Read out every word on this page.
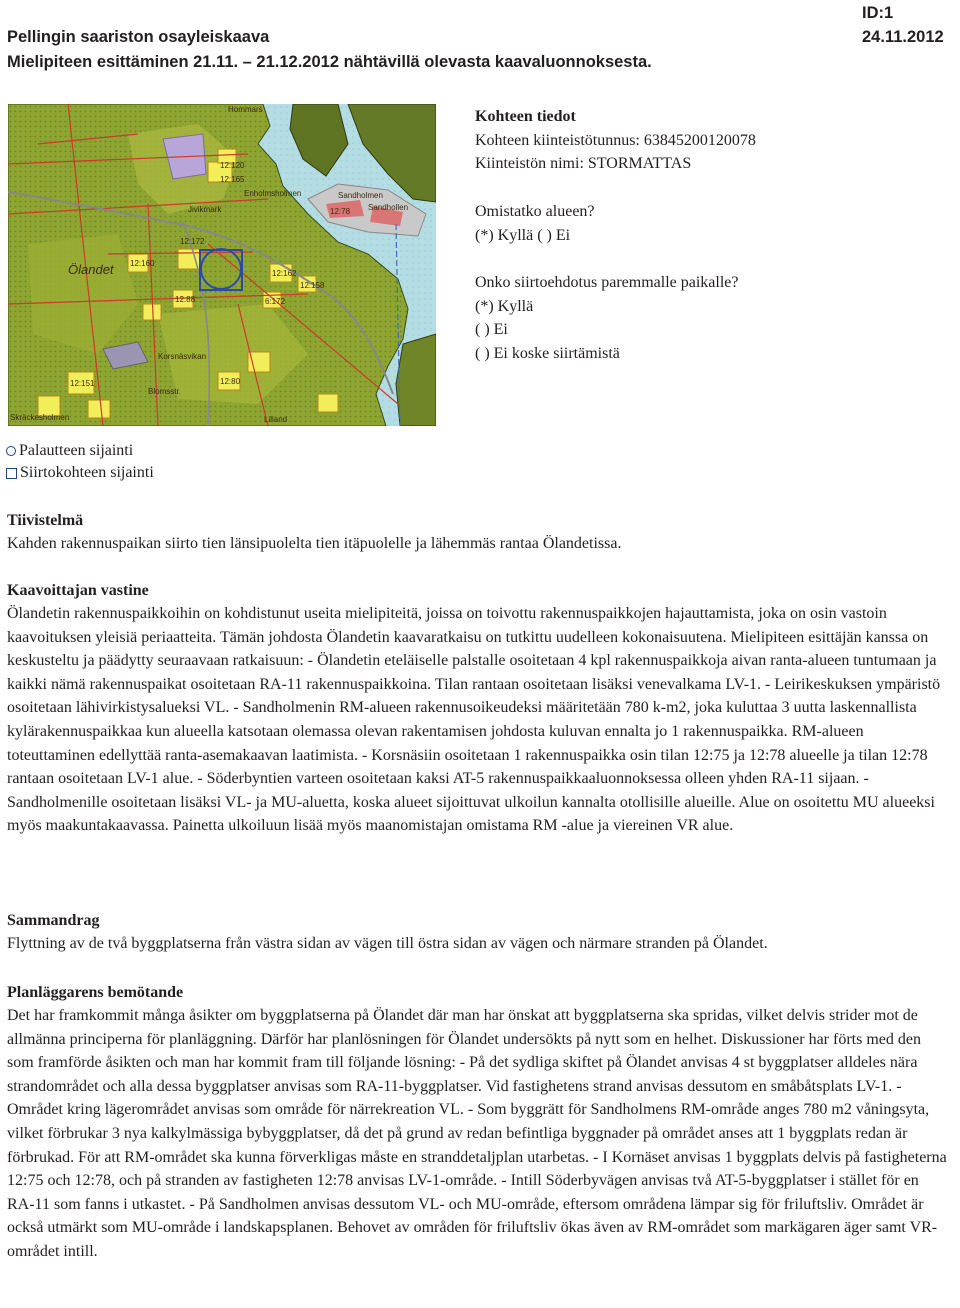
Pellingin saariston osayleiskaava
Mielipiteen esittäminen 21.11. – 21.12.2012 nähtävillä olevasta kaavaluonnoksesta.
ID:1
24.11.2012
Hommars
12:120
12:165
Enholmsholmen
Jivikmark
Ölandet
12:172
12:160
12:162
12:158
6:172
12:88
Sandholmen
Sandhollen
12:78
Lilland
Skräckesholmen
12:151
Blomsstr.
Korsnäsvikan
12:80
Kohteen tiedot
Kohteen kiinteistötunnus: 63845200120078
Kiinteistön nimi: STORMATTAS
Omistatko alueen?
(*) Kyllä ( ) Ei
Onko siirtoehdotus paremmalle paikalle?
(*) Kyllä
( ) Ei
( ) Ei koske siirtämistä
Palautteen sijainti
Siirtokohteen sijainti
Tiivistelmä

Kahden rakennuspaikan siirto tien länsipuolelta tien itäpuolelle ja lähemmäs rantaa Ölandetissa.

Kaavoittajan vastine

Ölandetin rakennuspaikkoihin on kohdistunut useita mielipiteitä, joissa on toivottu rakennuspaikkojen hajauttamista, joka on osin vastoin kaavoituksen yleisiä periaatteita. Tämän johdosta Ölandetin kaavaratkaisu on tutkittu uudelleen kokonaisuutena. Mielipiteen esittäjän kanssa on keskusteltu ja päädytty seuraavaan ratkaisuun: - Ölandetin eteläiselle palstalle osoitetaan 4 kpl rakennuspaikkoja aivan ranta-alueen tuntumaan ja kaikki nämä rakennuspaikat osoitetaan RA-11 rakennuspaikkoina. Tilan rantaan osoitetaan lisäksi venevalkama LV-1. - Leirikeskuksen ympäristö osoitetaan lähivirkistysalueksi VL. - Sandholmenin RM-alueen rakennusoikeudeksi määritetään 780 k-m2, joka kuluttaa 3 uutta laskennallista kylärakennuspaikkaa kun alueella katsotaan olemassa olevan rakentamisen johdosta kuluvan ennalta jo 1 rakennuspaikka. RM-alueen toteuttaminen edellyttää ranta-asemakaavan laatimista. - Korsnäsiin osoitetaan 1 rakennuspaikka osin tilan 12:75 ja 12:78 alueelle ja tilan 12:78 rantaan osoitetaan LV-1 alue. - Söderbyntien varteen osoitetaan kaksi AT-5 rakennuspaikkaaluonnoksessa olleen yhden RA-11 sijaan. - Sandholmenille osoitetaan lisäksi VL- ja MU-aluetta, koska alueet sijoittuvat ulkoilun kannalta otollisille alueille. Alue on osoitettu MU alueeksi myös maakuntakaavassa. Painetta ulkoiluun lisää myös maanomistajan omistama RM -alue ja viereinen VR alue.

Sammandrag

Flyttning av de två byggplatserna från västra sidan av vägen till östra sidan av vägen och närmare stranden på Ölandet.

Planläggarens bemötande

Det har framkommit många åsikter om byggplatserna på Ölandet där man har önskat att byggplatserna ska spridas, vilket delvis strider mot de allmänna principerna för planläggning. Därför har planlösningen för Ölandet undersökts på nytt som en helhet. Diskussioner har förts med den som framförde åsikten och man har kommit fram till följande lösning: - På det sydliga skiftet på Ölandet anvisas 4 st byggplatser alldeles nära strandområdet och alla dessa byggplatser anvisas som RA-11-byggplatser. Vid fastighetens strand anvisas dessutom en småbåtsplats LV-1. - Området kring lägerområdet anvisas som område för närrekreation VL. - Som byggrätt för Sandholmens RM-område anges 780 m2 våningsyta, vilket förbrukar 3 nya kalkylmässiga bybyggplatser, då det på grund av redan befintliga byggnader på området anses att 1 byggplats redan är förbrukad. För att RM-området ska kunna förverkligas måste en stranddetaljplan utarbetas. - I Kornäset anvisas 1 byggplats delvis på fastigheterna 12:75 och 12:78, och på stranden av fastigheten 12:78 anvisas LV-1-område. - Intill Söderbyvägen anvisas två AT-5-byggplatser i stället för en RA-11 som fanns i utkastet. - På Sandholmen anvisas dessutom VL- och MU-område, eftersom områdena lämpar sig för friluftsliv. Området är också utmärkt som MU-område i landskapsplanen. Behovet av områden för friluftsliv ökas även av RM-området som markägaren äger samt VR-området intill.
